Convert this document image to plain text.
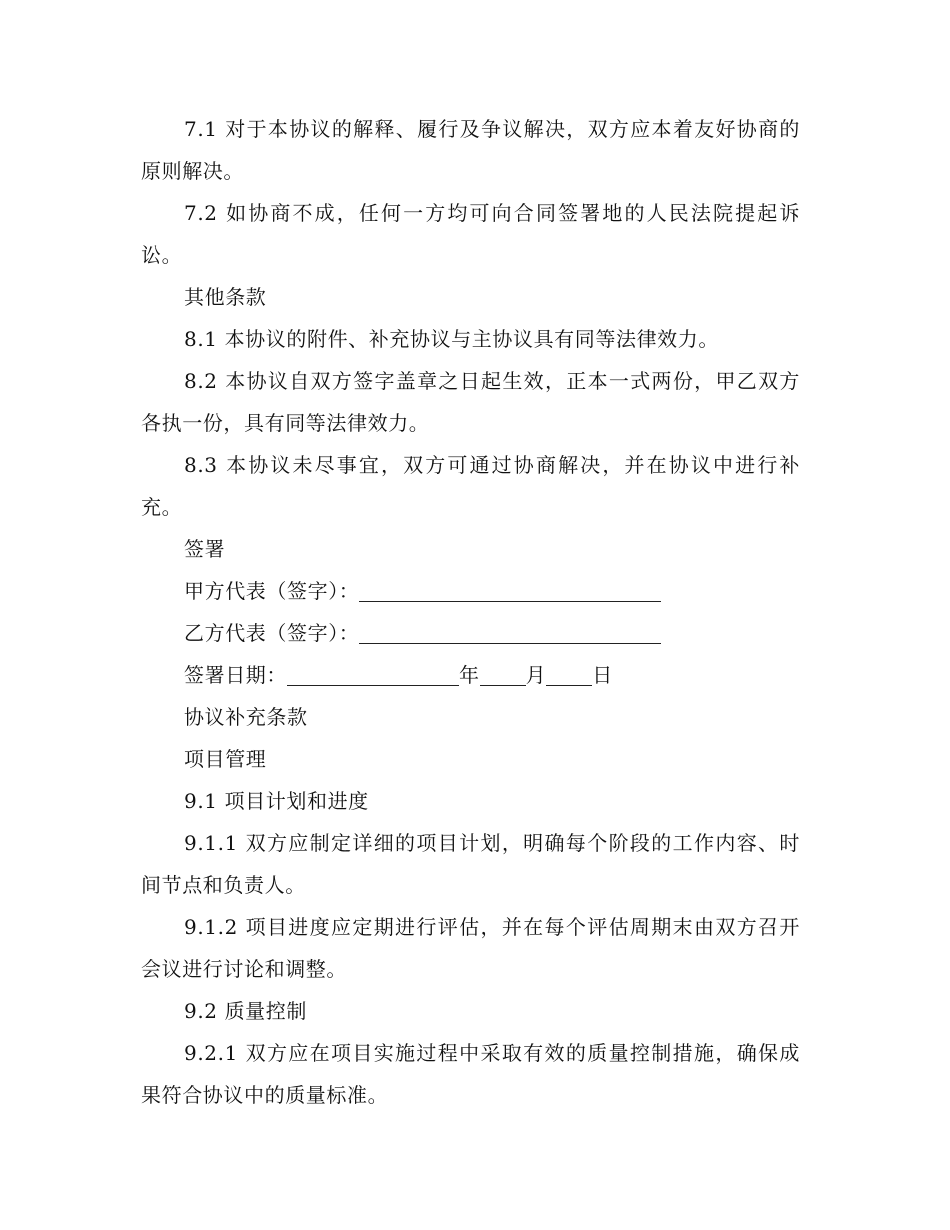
7.1 对于本协议的解释、履行及争议解决，双方应本着友好协商的原则解决。

7.2 如协商不成，任何一方均可向合同签署地的人民法院提起诉讼。

其他条款

8.1 本协议的附件、补充协议与主协议具有同等法律效力。

8.2 本协议自双方签字盖章之日起生效，正本一式两份，甲乙双方各执一份，具有同等法律效力。

8.3 本协议未尽事宜，双方可通过协商解决，并在协议中进行补充。

签署

甲方代表（签字）：

乙方代表（签字）：

签署日期：	年 月 日

协议补充条款

项目管理

9.1 项目计划和进度

9.1.1 双方应制定详细的项目计划，明确每个阶段的工作内容、时间节点和负责人。

9.1.2 项目进度应定期进行评估，并在每个评估周期末由双方召开会议进行讨论和调整。

9.2 质量控制

9.2.1 双方应在项目实施过程中采取有效的质量控制措施，确保成果符合协议中的质量标准。
